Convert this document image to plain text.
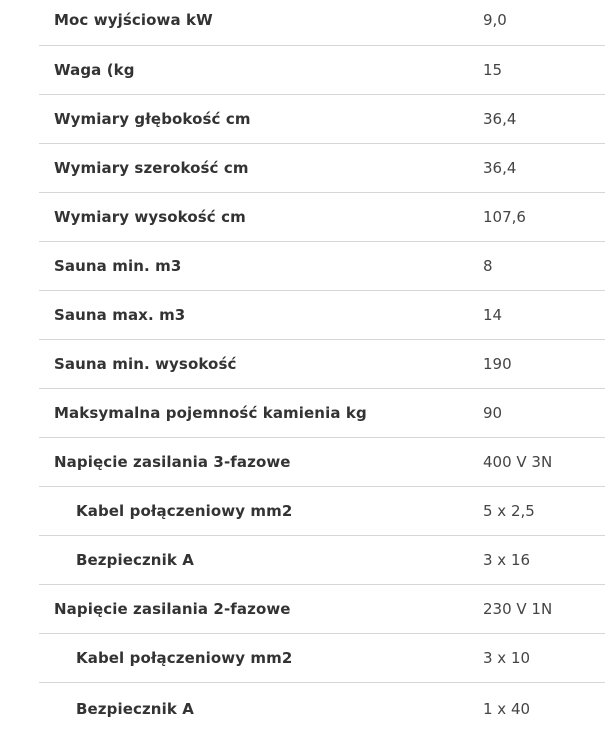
Moc wyjściowa kW	9,0
Waga (kg	15
Wymiary głębokość cm	36,4
Wymiary szerokość cm	36,4
Wymiary wysokość cm	107,6
Sauna min. m3	8
Sauna max. m3	14
Sauna min. wysokość	190
Maksymalna pojemność kamienia kg	90
Napięcie zasilania 3-fazowe	400 V 3N
Kabel połączeniowy mm2	5 x 2,5
Bezpiecznik A	3 x 16
Napięcie zasilania 2-fazowe	230 V 1N
Kabel połączeniowy mm2	3 x 10
Bezpiecznik A	1 x 40
